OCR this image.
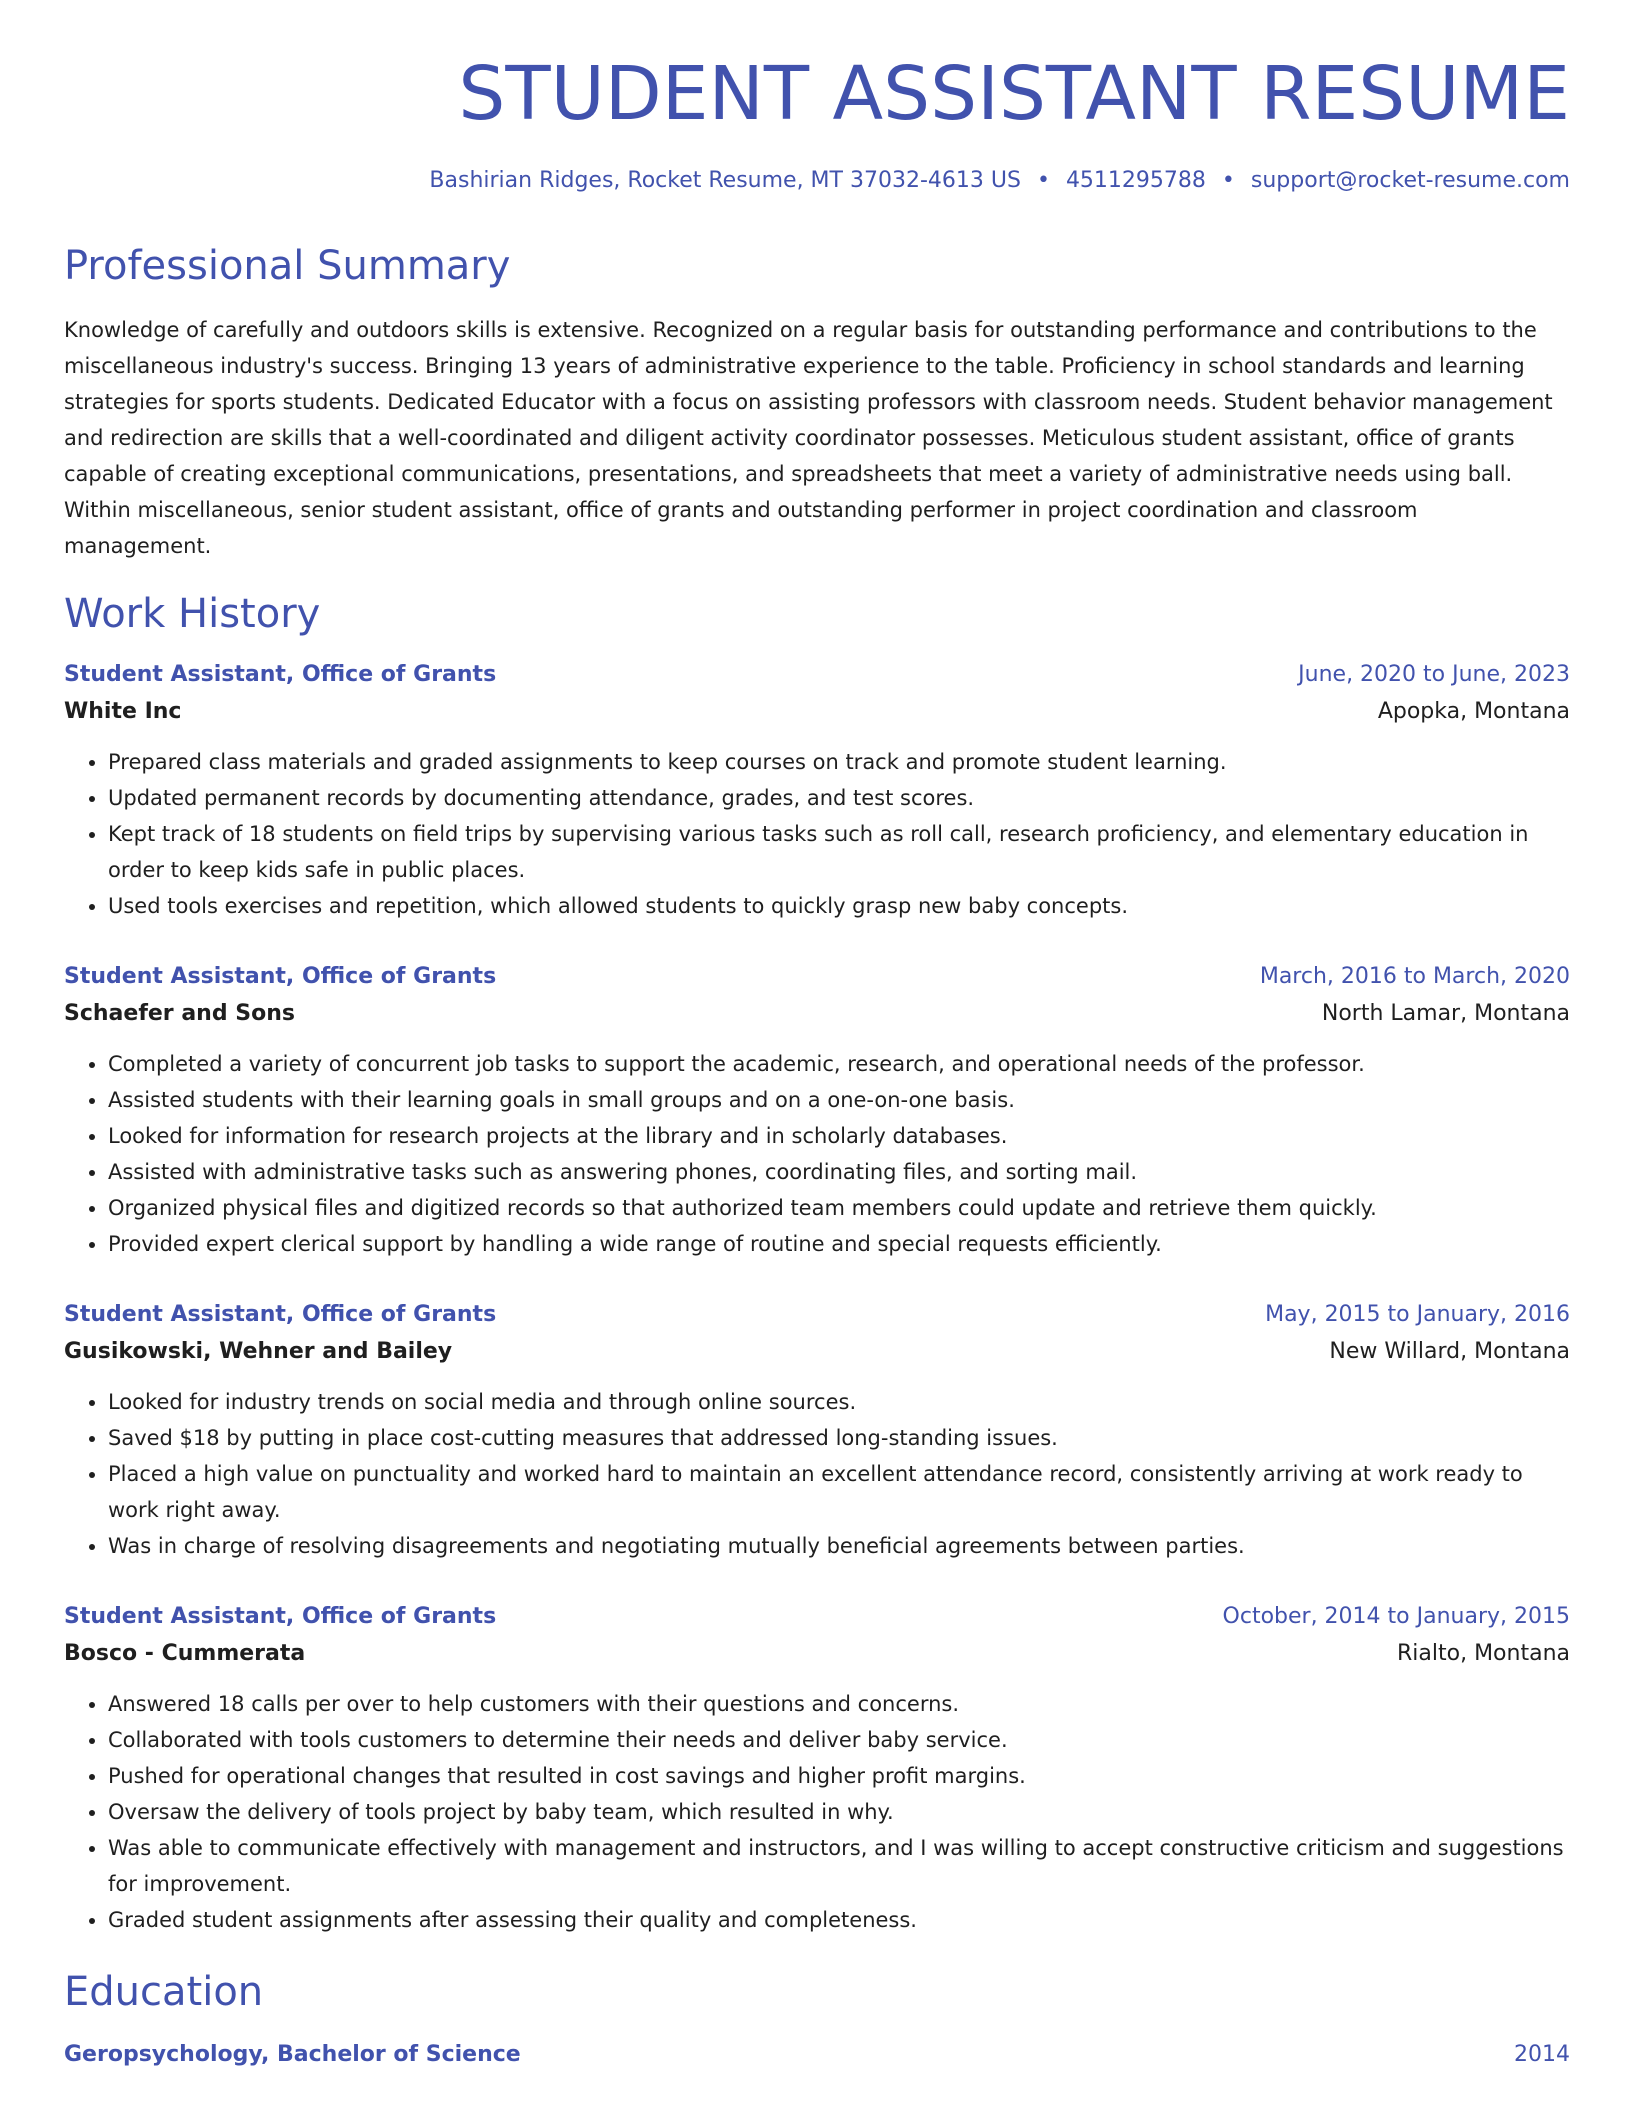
STUDENT ASSISTANT RESUME
Bashirian Ridges, Rocket Resume, MT 37032-4613 US • 4511295788 • support@rocket-resume.com
Professional Summary
Knowledge of carefully and outdoors skills is extensive. Recognized on a regular basis for outstanding performance and contributions to the miscellaneous industry's success. Bringing 13 years of administrative experience to the table. Proficiency in school standards and learning strategies for sports students. Dedicated Educator with a focus on assisting professors with classroom needs. Student behavior management and redirection are skills that a well-coordinated and diligent activity coordinator possesses. Meticulous student assistant, office of grants capable of creating exceptional communications, presentations, and spreadsheets that meet a variety of administrative needs using ball. Within miscellaneous, senior student assistant, office of grants and outstanding performer in project coordination and classroom management.
Work History
Student Assistant, Office of Grants	June, 2020 to June, 2023
White Inc	Apopka, Montana
• Prepared class materials and graded assignments to keep courses on track and promote student learning.
• Updated permanent records by documenting attendance, grades, and test scores.
• Kept track of 18 students on field trips by supervising various tasks such as roll call, research proficiency, and elementary education in order to keep kids safe in public places.
• Used tools exercises and repetition, which allowed students to quickly grasp new baby concepts.
Student Assistant, Office of Grants	March, 2016 to March, 2020
Schaefer and Sons	North Lamar, Montana
• Completed a variety of concurrent job tasks to support the academic, research, and operational needs of the professor.
• Assisted students with their learning goals in small groups and on a one-on-one basis.
• Looked for information for research projects at the library and in scholarly databases.
• Assisted with administrative tasks such as answering phones, coordinating files, and sorting mail.
• Organized physical files and digitized records so that authorized team members could update and retrieve them quickly.
• Provided expert clerical support by handling a wide range of routine and special requests efficiently.
Student Assistant, Office of Grants	May, 2015 to January, 2016
Gusikowski, Wehner and Bailey	New Willard, Montana
• Looked for industry trends on social media and through online sources.
• Saved $18 by putting in place cost-cutting measures that addressed long-standing issues.
• Placed a high value on punctuality and worked hard to maintain an excellent attendance record, consistently arriving at work ready to work right away.
• Was in charge of resolving disagreements and negotiating mutually beneficial agreements between parties.
Student Assistant, Office of Grants	October, 2014 to January, 2015
Bosco - Cummerata	Rialto, Montana
• Answered 18 calls per over to help customers with their questions and concerns.
• Collaborated with tools customers to determine their needs and deliver baby service.
• Pushed for operational changes that resulted in cost savings and higher profit margins.
• Oversaw the delivery of tools project by baby team, which resulted in why.
• Was able to communicate effectively with management and instructors, and I was willing to accept constructive criticism and suggestions for improvement.
• Graded student assignments after assessing their quality and completeness.
Education
Geropsychology, Bachelor of Science	2014
